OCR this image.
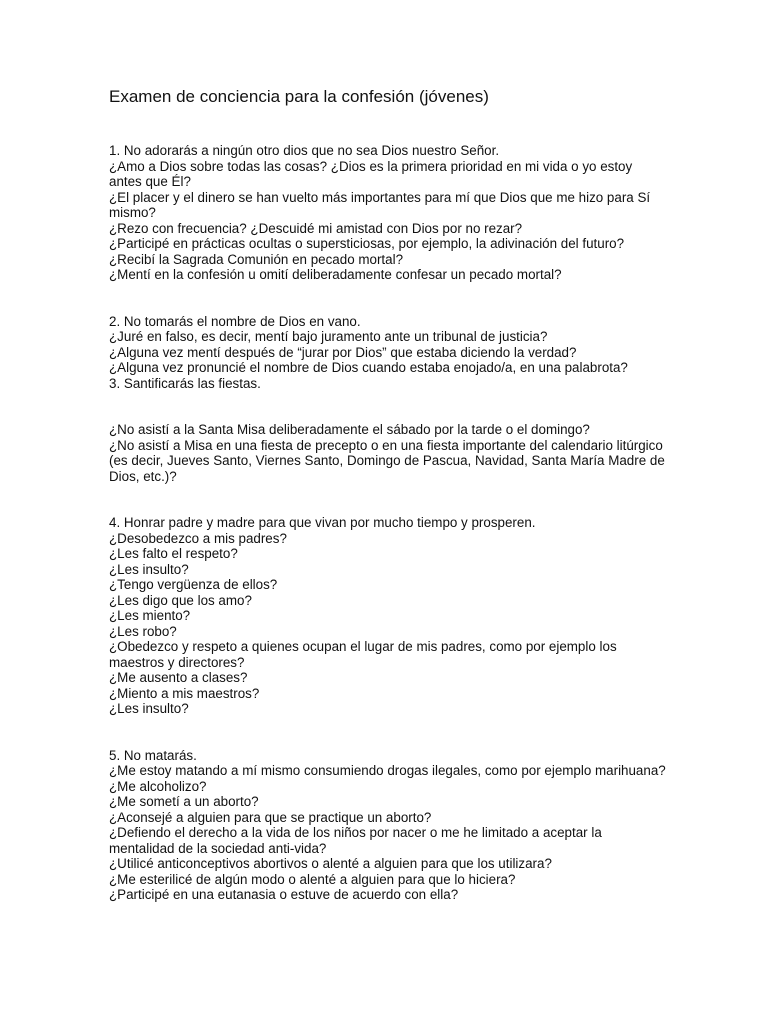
Examen de conciencia para la confesión (jóvenes)
1. No adorarás a ningún otro dios que no sea Dios nuestro Señor.
¿Amo a Dios sobre todas las cosas? ¿Dios es la primera prioridad en mi vida o yo estoy antes que Él?
¿El placer y el dinero se han vuelto más importantes para mí que Dios que me hizo para Sí mismo?
¿Rezo con frecuencia? ¿Descuidé mi amistad con Dios por no rezar?
¿Participé en prácticas ocultas o supersticiosas, por ejemplo, la adivinación del futuro?
¿Recibí la Sagrada Comunión en pecado mortal?
¿Mentí en la confesión u omití deliberadamente confesar un pecado mortal?
2. No tomarás el nombre de Dios en vano.
¿Juré en falso, es decir, mentí bajo juramento ante un tribunal de justicia?
¿Alguna vez mentí después de “jurar por Dios” que estaba diciendo la verdad?
¿Alguna vez pronuncié el nombre de Dios cuando estaba enojado/a, en una palabrota?
3. Santificarás las fiestas.
¿No asistí a la Santa Misa deliberadamente el sábado por la tarde o el domingo?
¿No asistí a Misa en una fiesta de precepto o en una fiesta importante del calendario litúrgico (es decir, Jueves Santo, Viernes Santo, Domingo de Pascua, Navidad, Santa María Madre de Dios, etc.)?
4. Honrar padre y madre para que vivan por mucho tiempo y prosperen.
¿Desobedezco a mis padres?
¿Les falto el respeto?
¿Les insulto?
¿Tengo vergüenza de ellos?
¿Les digo que los amo?
¿Les miento?
¿Les robo?
¿Obedezco y respeto a quienes ocupan el lugar de mis padres, como por ejemplo los maestros y directores?
¿Me ausento a clases?
¿Miento a mis maestros?
¿Les insulto?
5. No matarás.
¿Me estoy matando a mí mismo consumiendo drogas ilegales, como por ejemplo marihuana?
¿Me alcoholizo?
¿Me sometí a un aborto?
¿Aconsejé a alguien para que se practique un aborto?
¿Defiendo el derecho a la vida de los niños por nacer o me he limitado a aceptar la mentalidad de la sociedad anti-vida?
¿Utilicé anticonceptivos abortivos o alenté a alguien para que los utilizara?
¿Me esterilicé de algún modo o alenté a alguien para que lo hiciera?
¿Participé en una eutanasia o estuve de acuerdo con ella?
